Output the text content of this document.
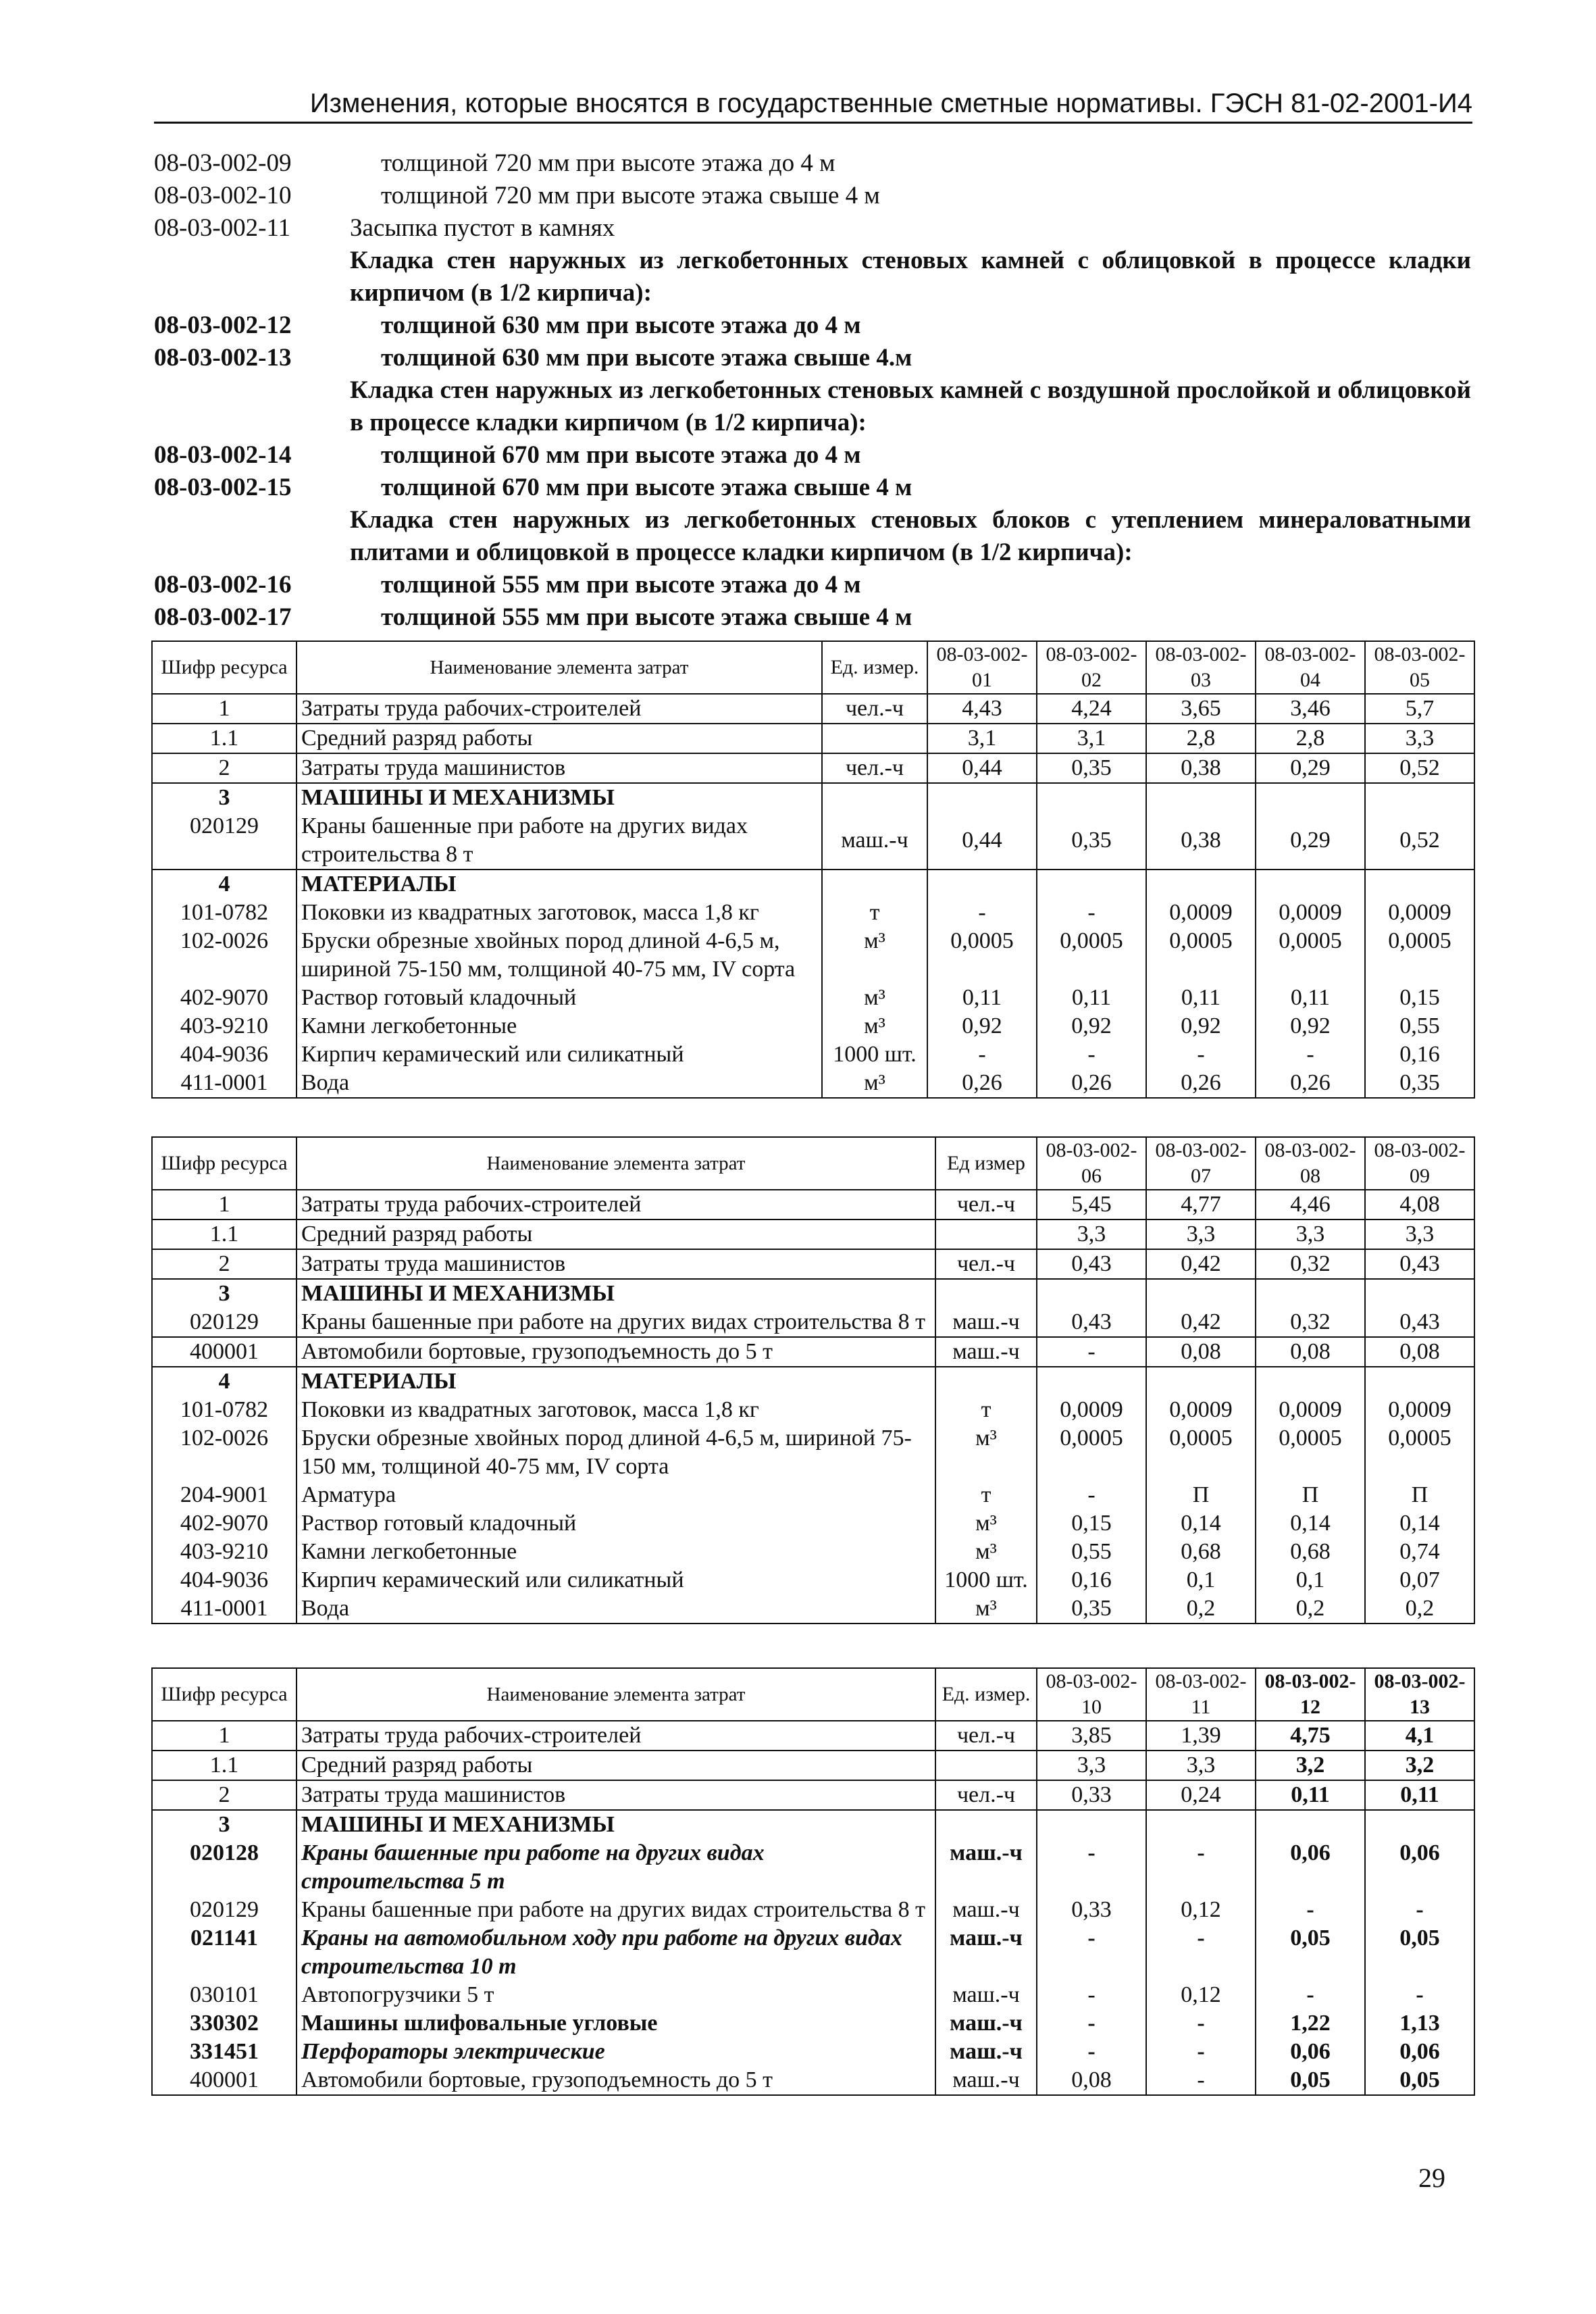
Изменения, которые вносятся в государственные сметные нормативы. ГЭСН 81-02-2001-И4
08-03-002-09	толщиной 720 мм при высоте этажа до 4 м
08-03-002-10	толщиной 720 мм при высоте этажа свыше 4 м
08-03-002-11	Засыпка пустот в камнях
Кладка стен наружных из легкобетонных стеновых камней с облицовкой в процессе кладки кирпичом (в 1/2 кирпича):
08-03-002-12	толщиной 630 мм при высоте этажа до 4 м
08-03-002-13	толщиной 630 мм при высоте этажа свыше 4.м
Кладка стен наружных из легкобетонных стеновых камней с воздушной прослойкой и облицовкой в процессе кладки кирпичом (в 1/2 кирпича):
08-03-002-14	толщиной 670 мм при высоте этажа до 4 м
08-03-002-15	толщиной 670 мм при высоте этажа свыше 4 м
Кладка стен наружных из легкобетонных стеновых блоков с утеплением минераловатными плитами и облицовкой в процессе кладки кирпичом (в 1/2 кирпича):
08-03-002-16	толщиной 555 мм при высоте этажа до 4 м
08-03-002-17	толщиной 555 мм при высоте этажа свыше 4 м
Шифр ресурса	Наименование элемента затрат	Ед. измер.	08-03-002-01	08-03-002-02	08-03-002-03	08-03-002-04	08-03-002-05
1	Затраты труда рабочих-строителей	чел.-ч	4,43	4,24	3,65	3,46	5,7
1.1	Средний разряд работы		3,1	3,1	2,8	2,8	3,3
2	Затраты труда машинистов	чел.-ч	0,44	0,35	0,38	0,29	0,52
3	МАШИНЫ И МЕХАНИЗМЫ						
020129	Краны башенные при работе на других видах строительства 8 т	маш.-ч	0,44	0,35	0,38	0,29	0,52
4	МАТЕРИАЛЫ						
101-0782	Поковки из квадратных заготовок, масса 1,8 кг	т	-	-	0,0009	0,0009	0,0009
102-0026	Бруски обрезные хвойных пород длиной 4-6,5 м, шириной 75-150 мм, толщиной 40-75 мм, IV сорта	м³	0,0005	0,0005	0,0005	0,0005	0,0005
402-9070	Раствор готовый кладочный	м³	0,11	0,11	0,11	0,11	0,15
403-9210	Камни легкобетонные	м³	0,92	0,92	0,92	0,92	0,55
404-9036	Кирпич керамический или силикатный	1000 шт.	-	-	-	-	0,16
411-0001	Вода	м³	0,26	0,26	0,26	0,26	0,35
Шифр ресурса	Наименование элемента затрат	Ед измер	08-03-002-06	08-03-002-07	08-03-002-08	08-03-002-09
1	Затраты труда рабочих-строителей	чел.-ч	5,45	4,77	4,46	4,08
1.1	Средний разряд работы		3,3	3,3	3,3	3,3
2	Затраты труда машинистов	чел.-ч	0,43	0,42	0,32	0,43
3	МАШИНЫ И МЕХАНИЗМЫ					
020129	Краны башенные при работе на других видах строительства 8 т	маш.-ч	0,43	0,42	0,32	0,43
400001	Автомобили бортовые, грузоподъемность до 5 т	маш.-ч	-	0,08	0,08	0,08
4	МАТЕРИАЛЫ					
101-0782	Поковки из квадратных заготовок, масса 1,8 кг	т	0,0009	0,0009	0,0009	0,0009
102-0026	Бруски обрезные хвойных пород длиной 4-6,5 м, шириной 75-150 мм, толщиной 40-75 мм, IV сорта	м³	0,0005	0,0005	0,0005	0,0005
204-9001	Арматура	т	-	П	П	П
402-9070	Раствор готовый кладочный	м³	0,15	0,14	0,14	0,14
403-9210	Камни легкобетонные	м³	0,55	0,68	0,68	0,74
404-9036	Кирпич керамический или силикатный	1000 шт.	0,16	0,1	0,1	0,07
411-0001	Вода	м³	0,35	0,2	0,2	0,2
Шифр ресурса	Наименование элемента затрат	Ед. измер.	08-03-002-10	08-03-002-11	08-03-002-12	08-03-002-13
1	Затраты труда рабочих-строителей	чел.-ч	3,85	1,39	4,75	4,1
1.1	Средний разряд работы		3,3	3,3	3,2	3,2
2	Затраты труда машинистов	чел.-ч	0,33	0,24	0,11	0,11
3	МАШИНЫ И МЕХАНИЗМЫ					
020128	Краны башенные при работе на других видах строительства 5 т	маш.-ч	-	-	0,06	0,06
020129	Краны башенные при работе на других видах строительства 8 т	маш.-ч	0,33	0,12	-	-
021141	Краны на автомобильном ходу при работе на других видах строительства 10 т	маш.-ч	-	-	0,05	0,05
030101	Автопогрузчики 5 т	маш.-ч	-	0,12	-	-
330302	Машины шлифовальные угловые	маш.-ч	-	-	1,22	1,13
331451	Перфораторы электрические	маш.-ч	-	-	0,06	0,06
400001	Автомобили бортовые, грузоподъемность до 5 т	маш.-ч	0,08	-	0,05	0,05
29
